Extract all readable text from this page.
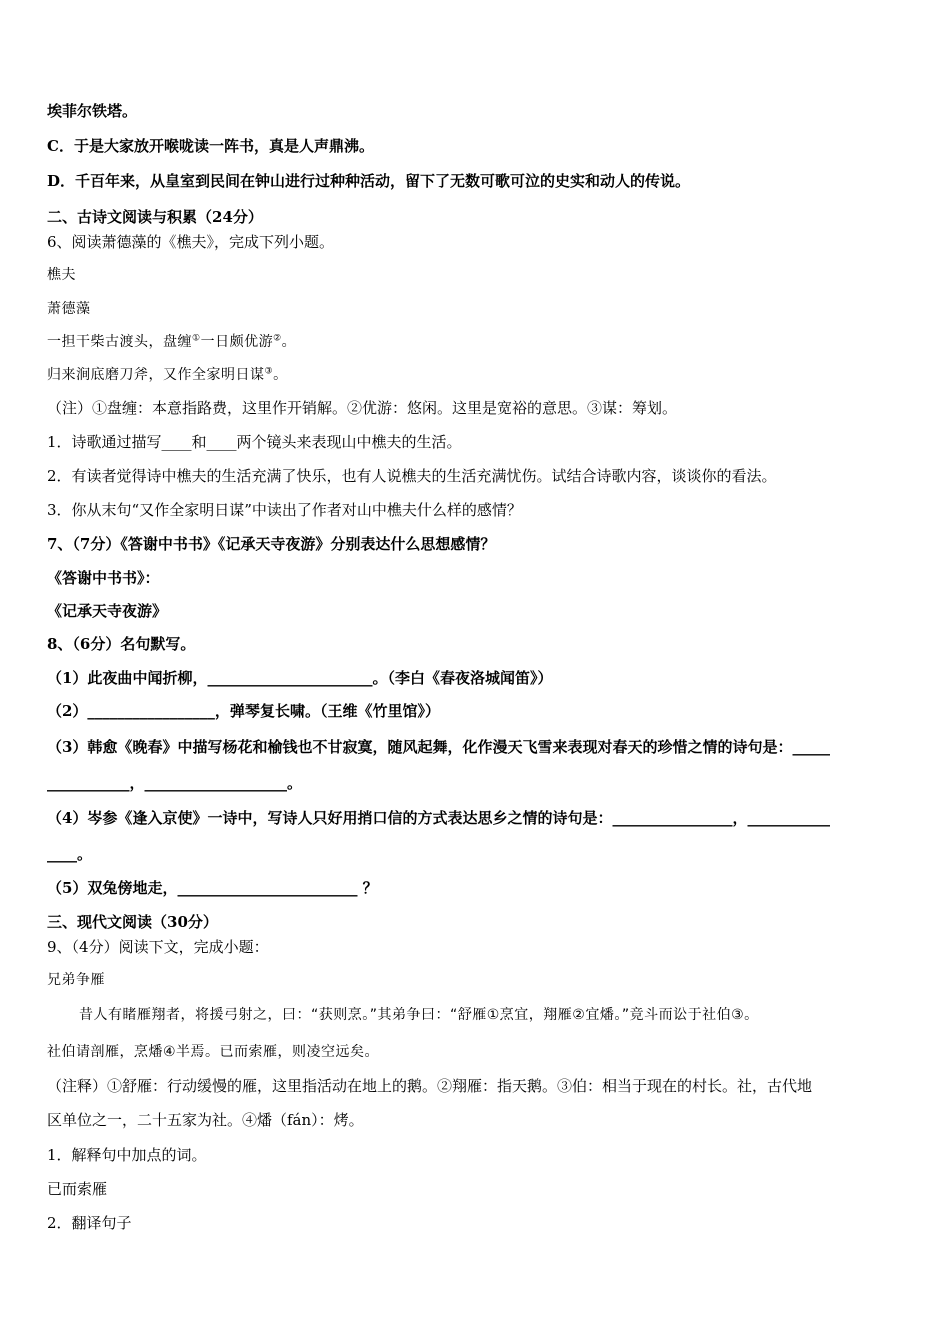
埃菲尔铁塔。
C．于是大家放开喉咙读一阵书，真是人声鼎沸。
D．千百年来，从皇室到民间在钟山进行过种种活动，留下了无数可歌可泣的史实和动人的传说。
二、古诗文阅读与积累（24分）
6、阅读萧德藻的《樵夫》，完成下列小题。
樵夫
萧德藻
一担干柴古渡头，盘缠①一日颇优游②。
归来涧底磨刀斧，又作全家明日谋③。
（注）①盘缠：本意指路费，这里作开销解。②优游：悠闲。这里是宽裕的意思。③谋：筹划。
1．诗歌通过描写____和____两个镜头来表现山中樵夫的生活。
2．有读者觉得诗中樵夫的生活充满了快乐，也有人说樵夫的生活充满忧伤。试结合诗歌内容，谈谈你的看法。
3．你从末句“又作全家明日谋”中读出了作者对山中樵夫什么样的感情？
7、（7分）《答谢中书书》《记承天寺夜游》分别表达什么思想感情？
《答谢中书书》：
《记承天寺夜游》
8、（6分）名句默写。
（1）此夜曲中闻折柳，______________________。（李白《春夜洛城闻笛》）
（2）_________________，弹琴复长啸。（王维《竹里馆》）
（3）韩愈《晚春》中描写杨花和榆钱也不甘寂寞，随风起舞，化作漫天飞雪来表现对春天的珍惜之情的诗句是：_____
___________，___________________。
（4）岑参《逢入京使》一诗中，写诗人只好用捎口信的方式表达思乡之情的诗句是：________________，___________
____。
（5）双兔傍地走，________________________ ？
三、现代文阅读（30分）
9、（4分）阅读下文，完成小题：
兄弟争雁
昔人有睹雁翔者，将援弓射之，曰：“获则烹。”其弟争曰：“舒雁①烹宜，翔雁②宜燔。”竞斗而讼于社伯③。
社伯请剖雁，烹燔④半焉。已而索雁，则凌空远矣。
（注释）①舒雁：行动缓慢的雁，这里指活动在地上的鹅。②翔雁：指天鹅。③伯：相当于现在的村长。社，古代地
区单位之一，二十五家为社。④燔（fán）：烤。
1．解释句中加点的词。
已而索雁
2．翻译句子
